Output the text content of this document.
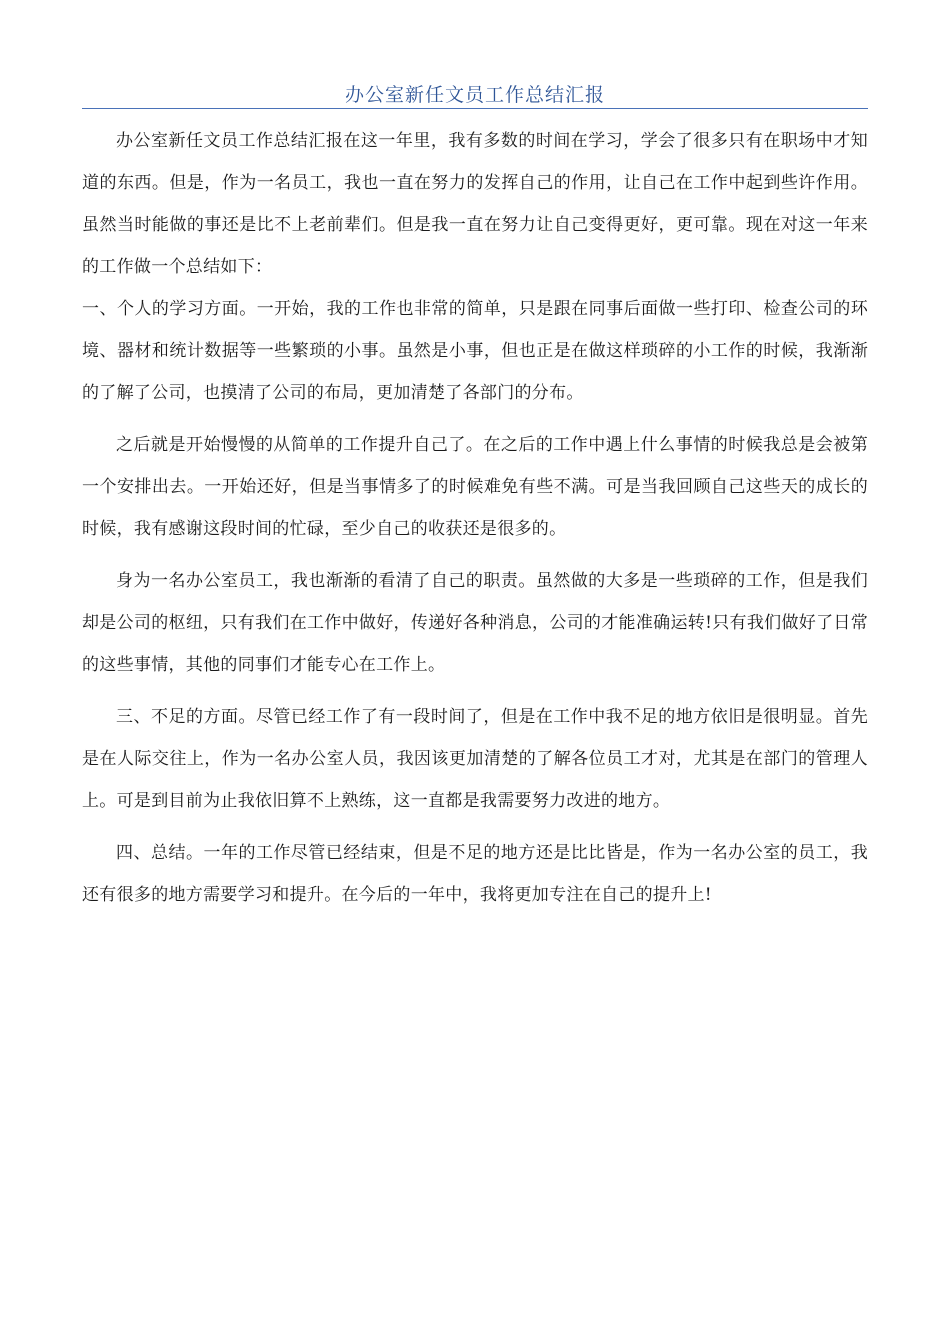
办公室新任文员工作总结汇报

办公室新任文员工作总结汇报在这一年里，我有多数的时间在学习，学会了很多只有在职场中才知道的东西。但是，作为一名员工，我也一直在努力的发挥自己的作用，让自己在工作中起到些许作用。虽然当时能做的事还是比不上老前辈们。但是我一直在努力让自己变得更好，更可靠。现在对这一年来的工作做一个总结如下：

一、个人的学习方面。一开始，我的工作也非常的简单，只是跟在同事后面做一些打印、检查公司的环境、器材和统计数据等一些繁琐的小事。虽然是小事，但也正是在做这样琐碎的小工作的时候，我渐渐的了解了公司，也摸清了公司的布局，更加清楚了各部门的分布。

之后就是开始慢慢的从简单的工作提升自己了。在之后的工作中遇上什么事情的时候我总是会被第一个安排出去。一开始还好，但是当事情多了的时候难免有些不满。可是当我回顾自己这些天的成长的时候，我有感谢这段时间的忙碌，至少自己的收获还是很多的。

身为一名办公室员工，我也渐渐的看清了自己的职责。虽然做的大多是一些琐碎的工作，但是我们却是公司的枢纽，只有我们在工作中做好，传递好各种消息，公司的才能准确运转!只有我们做好了日常的这些事情，其他的同事们才能专心在工作上。

三、不足的方面。尽管已经工作了有一段时间了，但是在工作中我不足的地方依旧是很明显。首先是在人际交往上，作为一名办公室人员，我因该更加清楚的了解各位员工才对，尤其是在部门的管理人上。可是到目前为止我依旧算不上熟练，这一直都是我需要努力改进的地方。

四、总结。一年的工作尽管已经结束，但是不足的地方还是比比皆是，作为一名办公室的员工，我还有很多的地方需要学习和提升。在今后的一年中，我将更加专注在自己的提升上!
